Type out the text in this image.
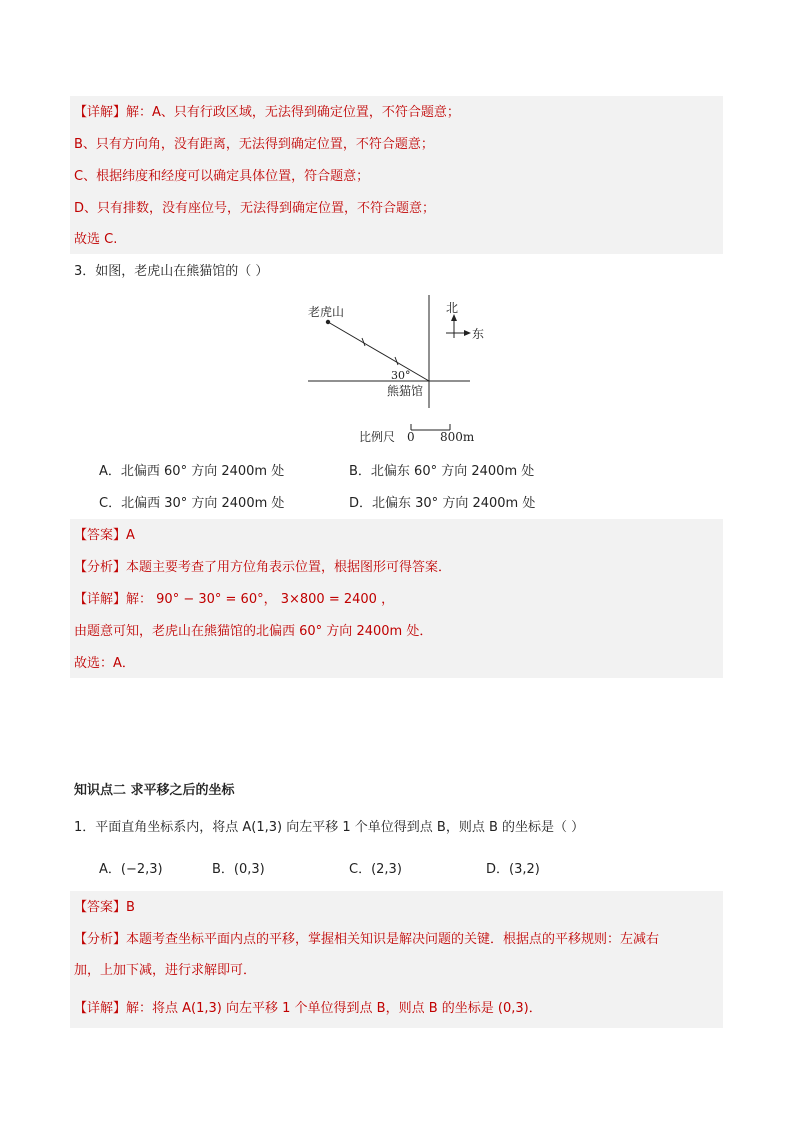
【详解】解：A、只有行政区域，无法得到确定位置，不符合题意；
B、只有方向角，没有距离，无法得到确定位置，不符合题意；
C、根据纬度和经度可以确定具体位置，符合题意；
D、只有排数，没有座位号，无法得到确定位置，不符合题意；
故选 C.
3．如图，老虎山在熊猫馆的（ ）
老虎山
30°
熊猫馆
北
东
比例尺 0 800m
A．北偏西 60° 方向 2400m 处	B．北偏东 60° 方向 2400m 处
C．北偏西 30° 方向 2400m 处	D．北偏东 30° 方向 2400m 处
【答案】A
【分析】本题主要考查了用方位角表示位置，根据图形可得答案．
【详解】解： 90° − 30° = 60°， 3×800 = 2400 ，
由题意可知，老虎山在熊猫馆的北偏西 60° 方向 2400m 处．
故选：A．
知识点二 求平移之后的坐标
1．平面直角坐标系内，将点 A(1,3) 向左平移 1 个单位得到点 B，则点 B 的坐标是（ ）
A．(−2,3)	B．(0,3)	C．(2,3)	D．(3,2)
【答案】B
【分析】本题考查坐标平面内点的平移，掌握相关知识是解决问题的关键．根据点的平移规则：左减右
加，上加下减，进行求解即可．
【详解】解：将点 A(1,3) 向左平移 1 个单位得到点 B，则点 B 的坐标是 (0,3)．
